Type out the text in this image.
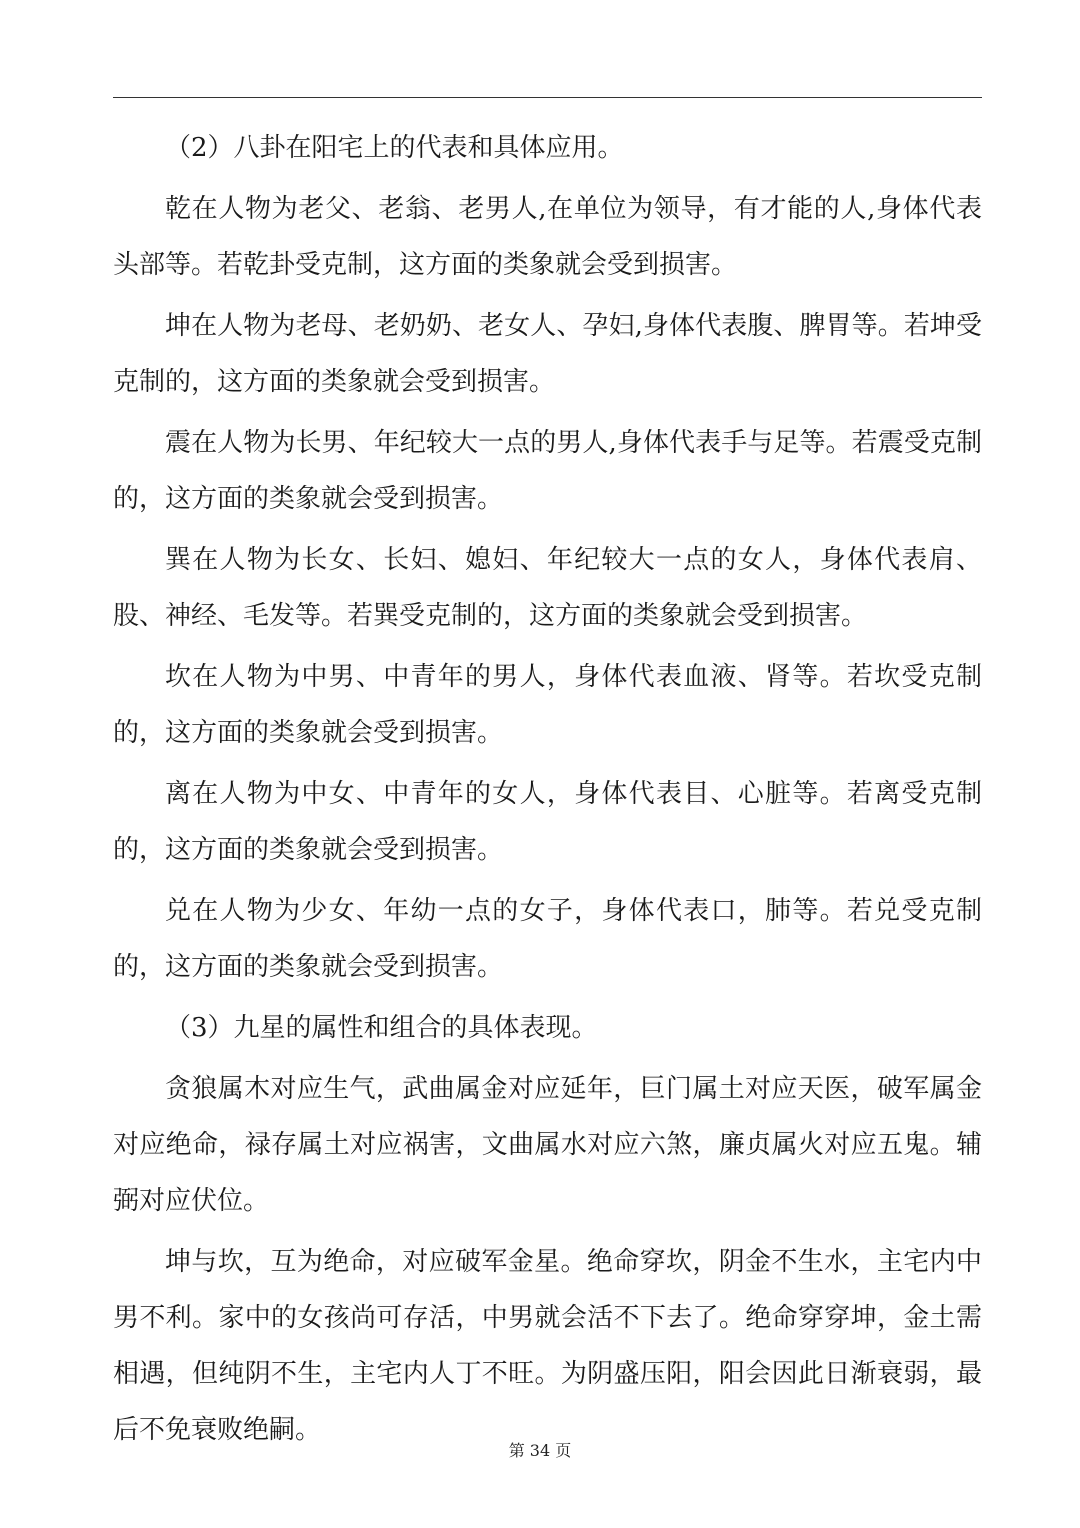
（2）八卦在阳宅上的代表和具体应用。

乾在人物为老父、老翁、老男人,在单位为领导，有才能的人,身体代表头部等。若乾卦受克制，这方面的类象就会受到损害。

坤在人物为老母、老奶奶、老女人、孕妇,身体代表腹、脾胃等。若坤受克制的，这方面的类象就会受到损害。

震在人物为长男、年纪较大一点的男人,身体代表手与足等。若震受克制的，这方面的类象就会受到损害。

巽在人物为长女、长妇、媳妇、年纪较大一点的女人，身体代表肩、股、神经、毛发等。若巽受克制的，这方面的类象就会受到损害。

坎在人物为中男、中青年的男人，身体代表血液、肾等。若坎受克制的，这方面的类象就会受到损害。

离在人物为中女、中青年的女人，身体代表目、心脏等。若离受克制的，这方面的类象就会受到损害。

兑在人物为少女、年幼一点的女子，身体代表口，肺等。若兑受克制的，这方面的类象就会受到损害。

（3）九星的属性和组合的具体表现。

贪狼属木对应生气，武曲属金对应延年，巨门属土对应天医，破军属金对应绝命，禄存属土对应祸害，文曲属水对应六煞，廉贞属火对应五鬼。辅弼对应伏位。

坤与坎，互为绝命，对应破军金星。绝命穿坎，阴金不生水，主宅内中男不利。家中的女孩尚可存活，中男就会活不下去了。绝命穿穿坤，金土需相遇，但纯阴不生，主宅内人丁不旺。为阴盛压阳，阳会因此日渐衰弱，最后不免衰败绝嗣。

第 34 页
